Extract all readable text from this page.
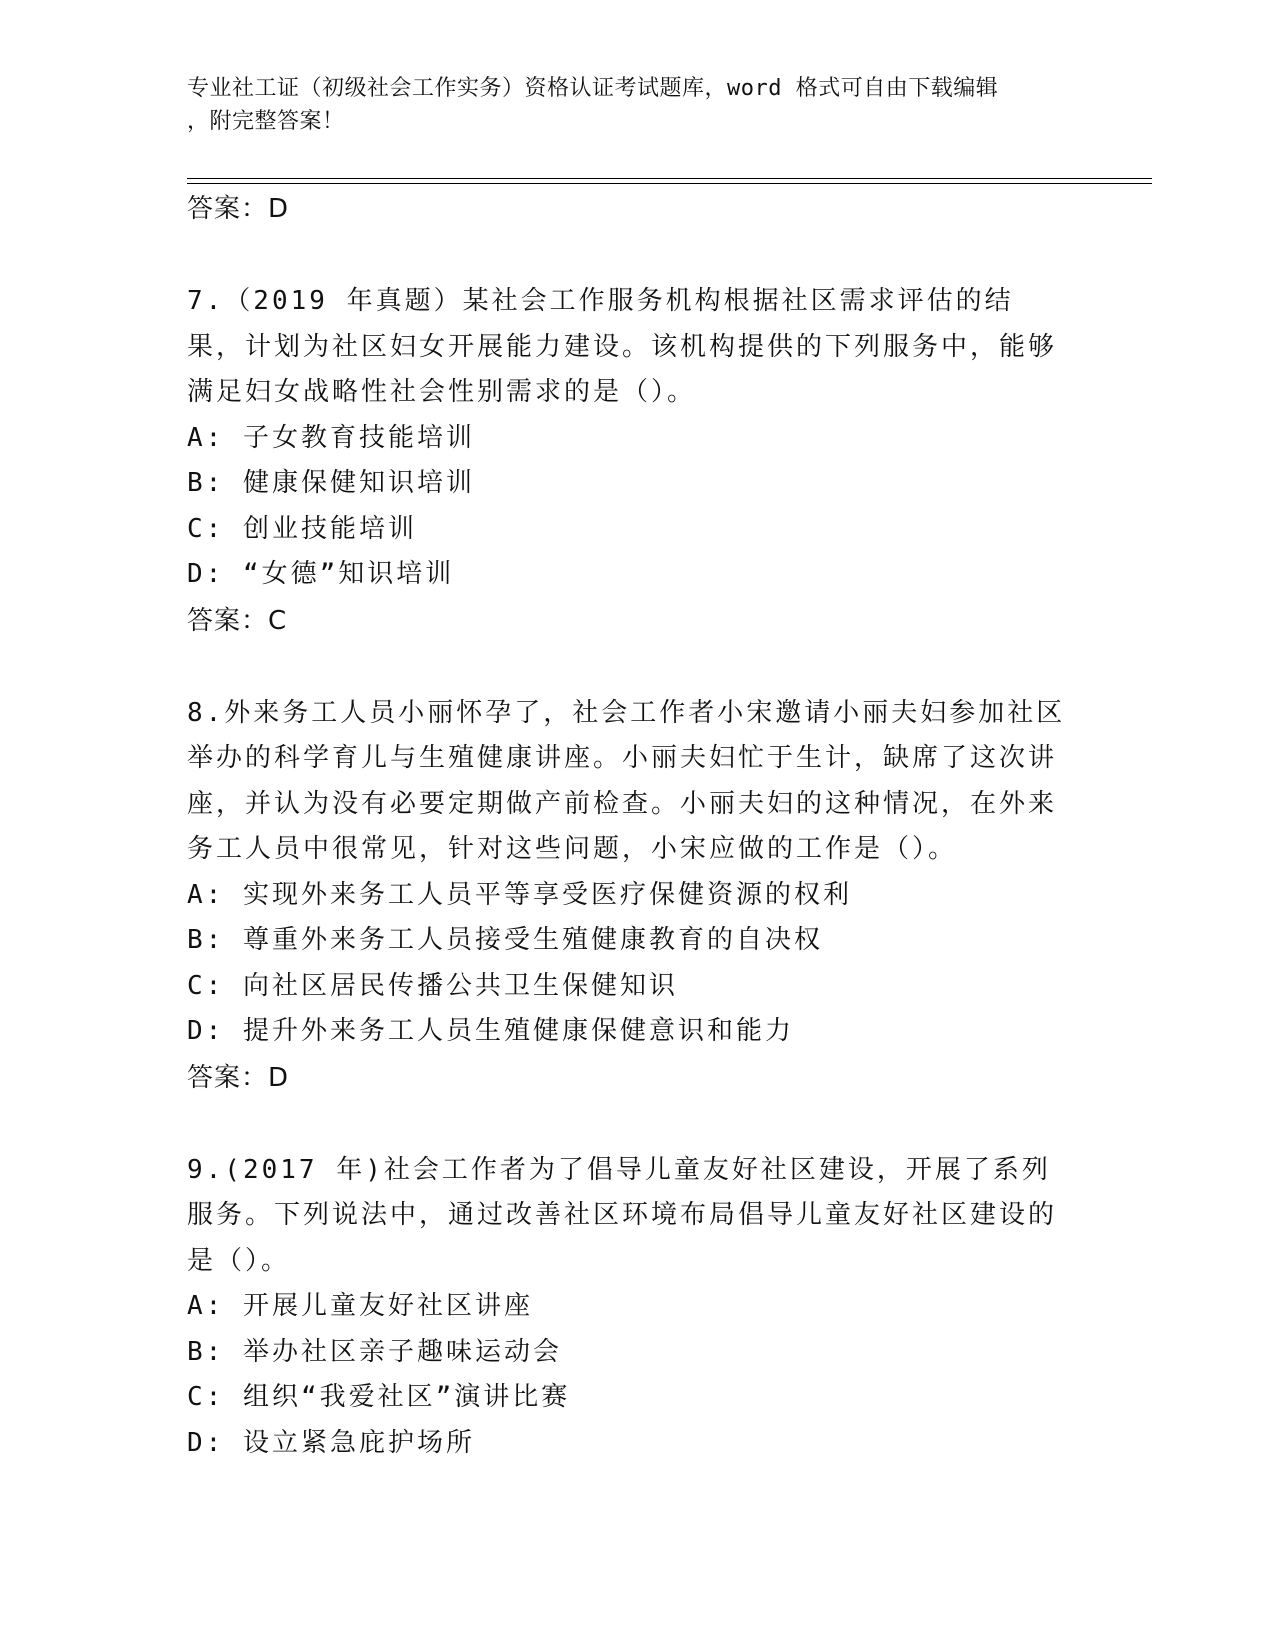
专业社工证（初级社会工作实务）资格认证考试题库，word 格式可自由下载编辑
，附完整答案！
答案：D
7.（2019 年真题）某社会工作服务机构根据社区需求评估的结果，计划为社区妇女开展能力建设。该机构提供的下列服务中，能够满足妇女战略性社会性别需求的是（）。
A: 子女教育技能培训
B: 健康保健知识培训
C: 创业技能培训
D: “女德”知识培训
答案：C
8.外来务工人员小丽怀孕了，社会工作者小宋邀请小丽夫妇参加社区举办的科学育儿与生殖健康讲座。小丽夫妇忙于生计，缺席了这次讲座，并认为没有必要定期做产前检查。小丽夫妇的这种情况，在外来务工人员中很常见，针对这些问题，小宋应做的工作是（）。
A: 实现外来务工人员平等享受医疗保健资源的权利
B: 尊重外来务工人员接受生殖健康教育的自决权
C: 向社区居民传播公共卫生保健知识
D: 提升外来务工人员生殖健康保健意识和能力
答案：D
9.(2017 年)社会工作者为了倡导儿童友好社区建设，开展了系列服务。下列说法中，通过改善社区环境布局倡导儿童友好社区建设的是（）。
A: 开展儿童友好社区讲座
B: 举办社区亲子趣味运动会
C: 组织“我爱社区”演讲比赛
D: 设立紧急庇护场所
